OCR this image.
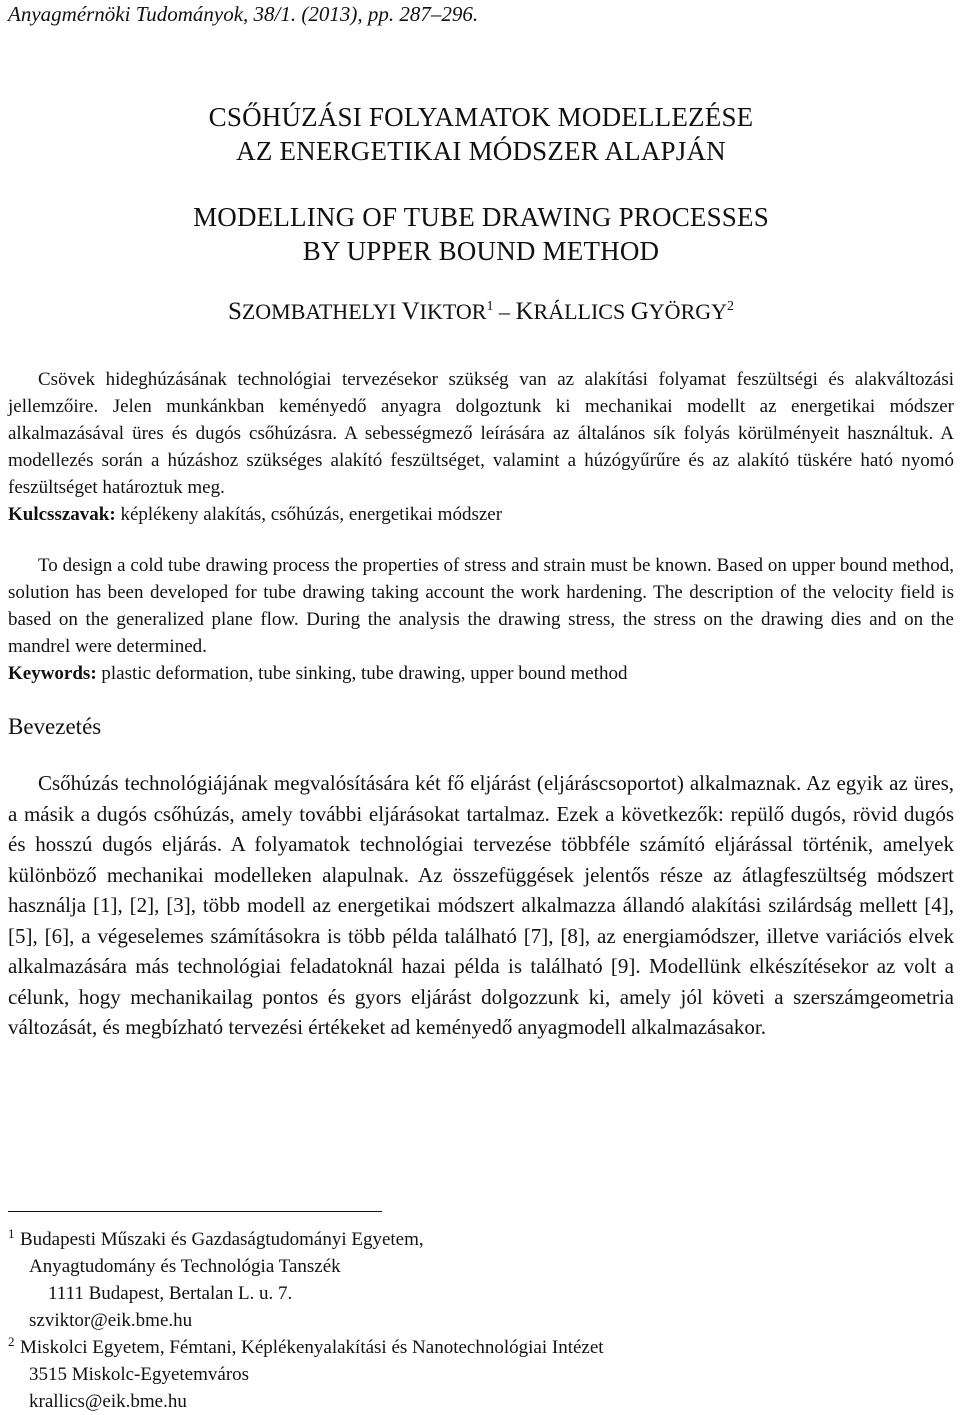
Anyagmérnöki Tudományok, 38/1. (2013), pp. 287–296.
CSŐHÚZÁSI FOLYAMATOK MODELLEZÉSE
AZ ENERGETIKAI MÓDSZER ALAPJÁN
MODELLING OF TUBE DRAWING PROCESSES
BY UPPER BOUND METHOD
SZOMBATHELYI VIKTOR$^1$ – KRÁLLICS GYÖRGY$^2$

Csövek hideghúzásának technológiai tervezésekor szükség van az alakítási folyamat feszültségi és alakváltozási jellemzőire. Jelen munkánkban keményedő anyagra dolgoztunk ki mechanikai modellt az energetikai módszer alkalmazásával üres és dugós csőhúzásra. A sebességmező leírására az általános sík folyás körülményeit használtuk. A modellezés során a húzáshoz szükséges alakító feszültséget, valamint a húzógyűrűre és az alakító tüskére ható nyomó feszültséget határoztuk meg.

Kulcsszavak: képlékeny alakítás, csőhúzás, energetikai módszer

To design a cold tube drawing process the properties of stress and strain must be known. Based on upper bound method, solution has been developed for tube drawing taking account the work hardening. The description of the velocity field is based on the generalized plane flow. During the analysis the drawing stress, the stress on the drawing dies and on the mandrel were determined.

Keywords: plastic deformation, tube sinking, tube drawing, upper bound method

Bevezetés

Csőhúzás technológiájának megvalósítására két fő eljárást (eljáráscsoportot) alkalmaznak. Az egyik az üres, a másik a dugós csőhúzás, amely további eljárásokat tartalmaz. Ezek a következők: repülő dugós, rövid dugós és hosszú dugós eljárás. A folyamatok technológiai tervezése többféle számító eljárással történik, amelyek különböző mechanikai modelleken alapulnak. Az összefüggések jelentős része az átlagfeszültség módszert használja [1], [2], [3], több modell az energetikai módszert alkalmazza állandó alakítási szilárdság mellett [4], [5], [6], a végeselemes számításokra is több példa található [7], [8], az energiamódszer, illetve variációs elvek alkalmazására más technológiai feladatoknál hazai példa is található [9]. Modellünk elkészítésekor az volt a célunk, hogy mechanikailag pontos és gyors eljárást dolgozzunk ki, amely jól követi a szerszámgeometria változását, és megbízható tervezési értékeket ad keményedő anyagmodell alkalmazásakor.

1 Budapesti Műszaki és Gazdaságtudományi Egyetem,
Anyagtudomány és Technológia Tanszék
1111 Budapest, Bertalan L. u. 7.
szviktor@eik.bme.hu
2 Miskolci Egyetem, Fémtani, Képlékenyalakítási és Nanotechnológiai Intézet
3515 Miskolc-Egyetemváros
krallics@eik.bme.hu
